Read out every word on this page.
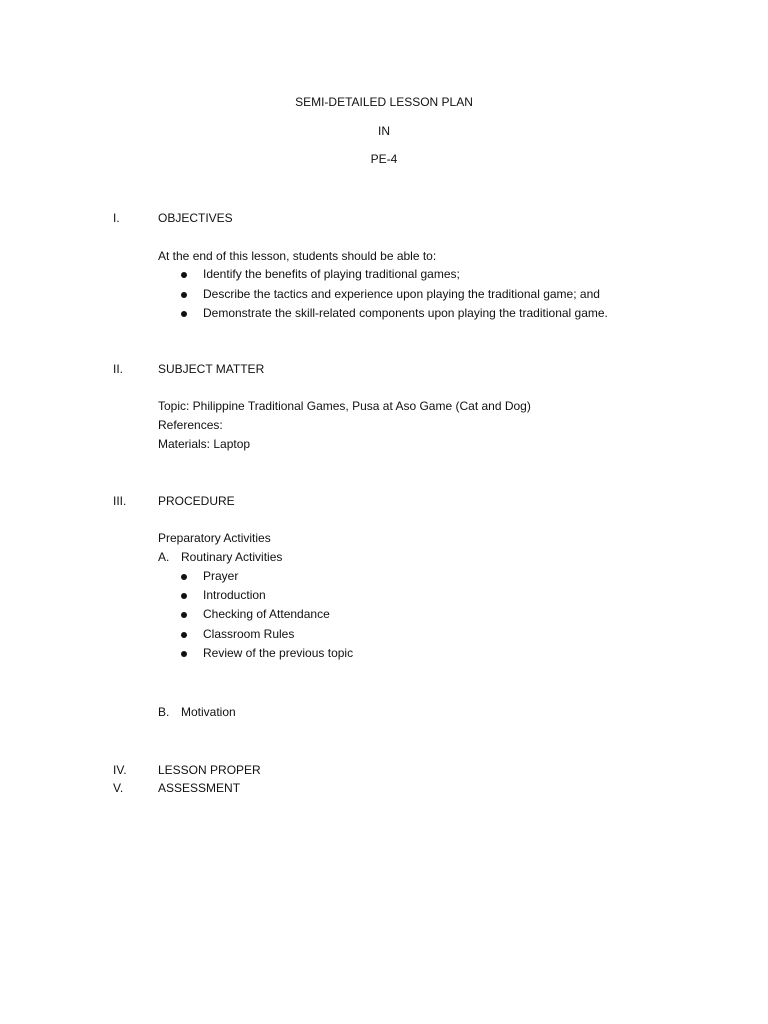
SEMI-DETAILED LESSON PLAN
IN
PE-4
I.	OBJECTIVES
At the end of this lesson, students should be able to:
Identify the benefits of playing traditional games;
Describe the tactics and experience upon playing the traditional game; and
Demonstrate the skill-related components upon playing the traditional game.
II.	SUBJECT MATTER
Topic: Philippine Traditional Games, Pusa at Aso Game (Cat and Dog)
References:
Materials: Laptop
III.	PROCEDURE
Preparatory Activities
A. Routinary Activities
Prayer
Introduction
Checking of Attendance
Classroom Rules
Review of the previous topic
B. Motivation
IV.	LESSON PROPER
V.	ASSESSMENT
